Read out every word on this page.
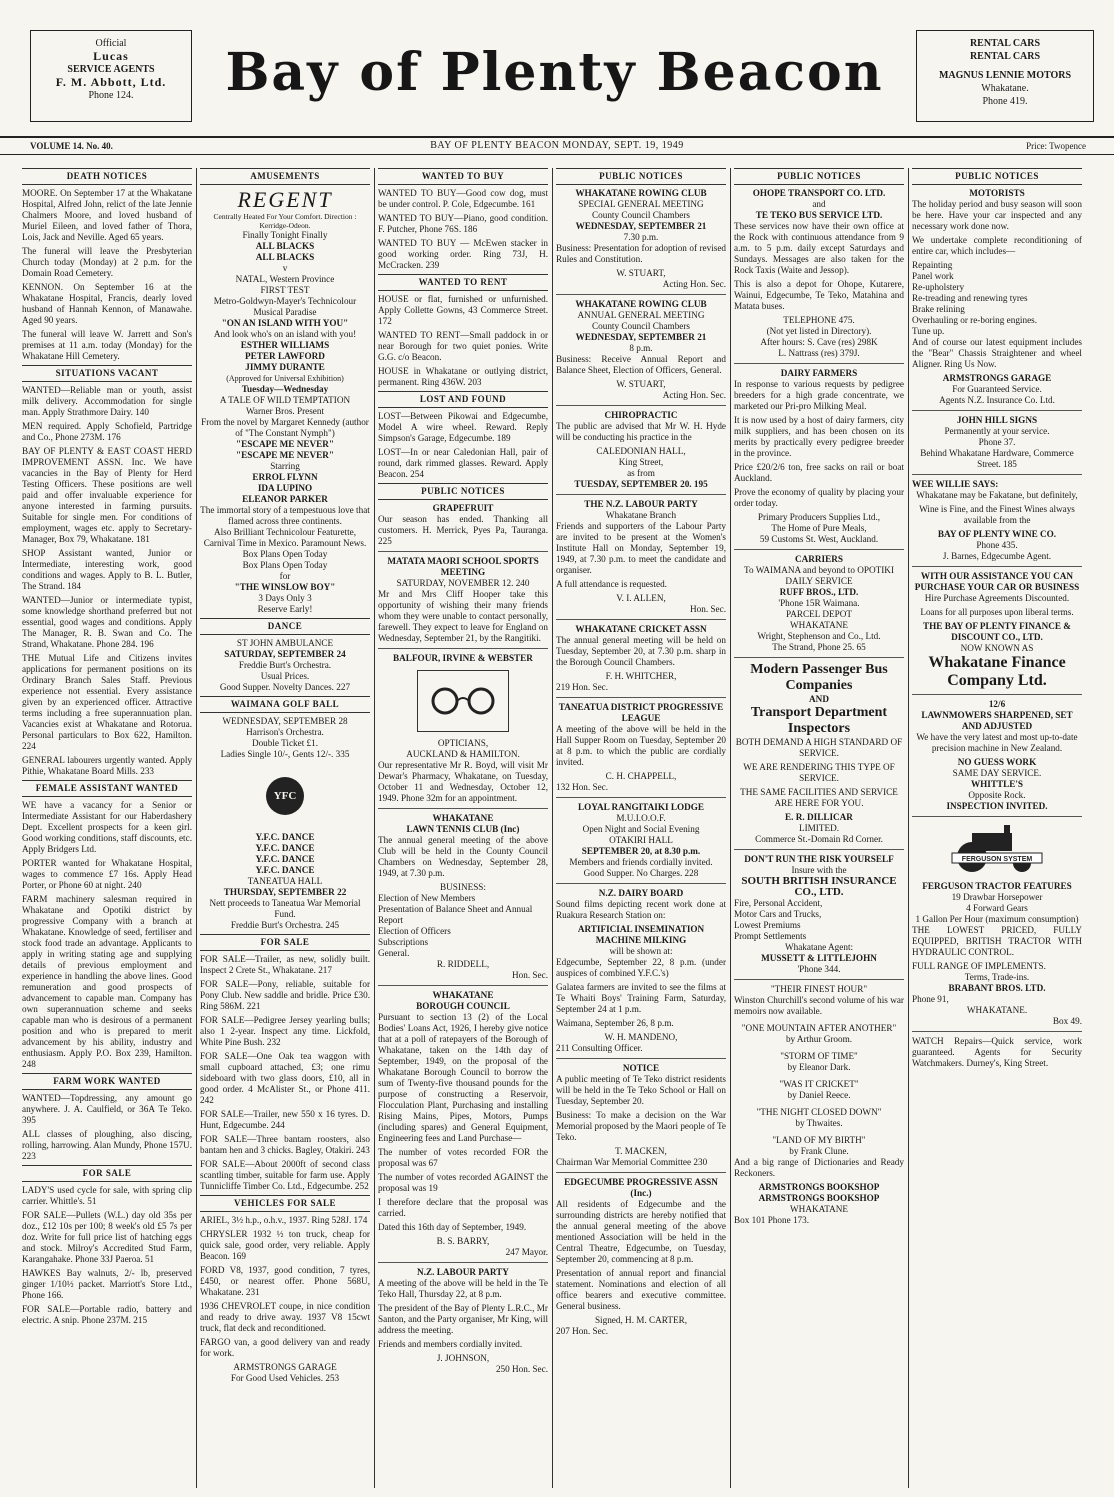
Official
Lucas
SERVICE AGENTS
F. M. Abbott, Ltd.
Phone 124.	Bay of Plenty Beacon	RENTAL CARS
RENTAL CARS
MAGNUS LENNIE MOTORS
Whakatane.
Phone 419.
VOLUME 14. No. 40.	BAY OF PLENTY BEACON MONDAY, SEPT. 19, 1949	Price: Twopence
DEATH NOTICES

MOORE. On September 17 at the Whakatane Hospital, Alfred John, relict of the late Jennie Chalmers Moore, and loved husband of Muriel Eileen, and loved father of Thora, Lois, Jack and Neville. Aged 65 years.

The funeral will leave the Presbyterian Church today (Monday) at 2 p.m. for the Domain Road Cemetery.

KENNON. On September 16 at the Whakatane Hospital, Francis, dearly loved husband of Hannah Kennon, of Manawahe. Aged 90 years.

The funeral will leave W. Jarrett and Son's premises at 11 a.m. today (Monday) for the Whakatane Hill Cemetery.

SITUATIONS VACANT

WANTED—Reliable man or youth, assist milk delivery. Accommodation for single man. Apply Strathmore Dairy. 140

MEN required. Apply Schofield, Partridge and Co., Phone 273M. 176

BAY OF PLENTY & EAST COAST HERD IMPROVEMENT ASSN. Inc. We have vacancies in the Bay of Plenty for Herd Testing Officers. These positions are well paid and offer invaluable experience for anyone interested in farming pursuits. Suitable for single men. For conditions of employment, wages etc. apply to Secretary-Manager, Box 79, Whakatane. 181

SHOP Assistant wanted, Junior or Intermediate, interesting work, good conditions and wages. Apply to B. L. Butler, The Strand. 184

WANTED—Junior or intermediate typist, some knowledge shorthand preferred but not essential, good wages and conditions. Apply The Manager, R. B. Swan and Co. The Strand, Whakatane. Phone 284. 196

THE Mutual Life and Citizens invites applications for permanent positions on its Ordinary Branch Sales Staff. Previous experience not essential. Every assistance given by an experienced officer. Attractive terms including a free superannuation plan. Vacancies exist at Whakatane and Rotorua. Personal particulars to Box 622, Hamilton. 224

GENERAL labourers urgently wanted. Apply Pithie, Whakatane Board Mills. 233

FEMALE ASSISTANT WANTED

WE have a vacancy for a Senior or Intermediate Assistant for our Haberdashery Dept. Excellent prospects for a keen girl. Good working conditions, staff discounts, etc. Apply Bridgers Ltd.

PORTER wanted for Whakatane Hospital, wages to commence £7 16s. Apply Head Porter, or Phone 60 at night. 240

FARM machinery salesman required in Whakatane and Opotiki district by progressive Company with a branch at Whakatane. Knowledge of seed, fertiliser and stock food trade an advantage. Applicants to apply in writing stating age and supplying details of previous employment and experience in handling the above lines. Good remuneration and good prospects of advancement to capable man. Company has own superannuation scheme and seeks capable man who is desirous of a permanent position and who is prepared to merit advancement by his ability, industry and enthusiasm. Apply P.O. Box 239, Hamilton. 248

FARM WORK WANTED

WANTED—Topdressing, any amount go anywhere. J. A. Caulfield, or 36A Te Teko. 395

ALL classes of ploughing, also discing, rolling, harrowing. Alan Mundy, Phone 157U. 223

FOR SALE

LADY'S used cycle for sale, with spring clip carrier. Whittle's. 51

FOR SALE—Pullets (W.L.) day old 35s per doz., £12 10s per 100; 8 week's old £5 7s per doz. Write for full price list of hatching eggs and stock. Milroy's Accredited Stud Farm, Karangahake. Phone 33J Paeroa. 51

HAWKES Bay walnuts, 2/- lb, preserved ginger 1/10½ packet. Marriott's Store Ltd., Phone 166.

FOR SALE—Portable radio, battery and electric. A snip. Phone 237M. 215

AMUSEMENTS
REGENT
Centrally Heated For Your Comfort. Direction : Kerridge-Odeon.
Finally Tonight Finally
ALL BLACKS
ALL BLACKS
v
NATAL, Western Province
FIRST TEST
Metro-Goldwyn-Mayer's Technicolour Musical Paradise
"ON AN ISLAND WITH YOU"
And look who's on an island with you!
ESTHER WILLIAMS
PETER LAWFORD
JIMMY DURANTE
(Approved for Universal Exhibition)
Tuesday—Wednesday
A TALE OF WILD TEMPTATION
Warner Bros. Present
From the novel by Margaret Kennedy (author of "The Constant Nymph")
"ESCAPE ME NEVER"
"ESCAPE ME NEVER"
Starring
ERROL FLYNN
IDA LUPINO
ELEANOR PARKER
The immortal story of a tempestuous love that flamed across three continents.
Also Brilliant Technicolour Featurette, Carnival Time in Mexico. Paramount News.
Box Plans Open Today
Box Plans Open Today
for
"THE WINSLOW BOY"
3 Days Only 3
Reserve Early!
DANCE
ST JOHN AMBULANCE
SATURDAY, SEPTEMBER 24
Freddie Burt's Orchestra.
Usual Prices.
Good Supper. Novelty Dances. 227
WAIMANA GOLF BALL
WEDNESDAY, SEPTEMBER 28
Harrison's Orchestra.
Double Ticket £1.
Ladies Single 10/-, Gents 12/-. 335
YFC
Y.F.C. DANCE
Y.F.C. DANCE
Y.F.C. DANCE
Y.F.C. DANCE
TANEATUA HALL
THURSDAY, SEPTEMBER 22
Nett proceeds to Taneatua War Memorial Fund.
Freddie Burt's Orchestra. 245
FOR SALE

FOR SALE—Trailer, as new, solidly built. Inspect 2 Crete St., Whakatane. 217

FOR SALE—Pony, reliable, suitable for Pony Club. New saddle and bridle. Price £30. Ring 586M. 221

FOR SALE—Pedigree Jersey yearling bulls; also 1 2-year. Inspect any time. Lickfold, White Pine Bush. 232

FOR SALE—One Oak tea waggon with small cupboard attached, £3; one rimu sideboard with two glass doors, £10, all in good order. 4 McAlister St., or Phone 411. 242

FOR SALE—Trailer, new 550 x 16 tyres. D. Hunt, Edgecumbe. 244

FOR SALE—Three bantam roosters, also bantam hen and 3 chicks. Bagley, Otakiri. 243

FOR SALE—About 2000ft of second class scantling timber, suitable for farm use. Apply Tunnicliffe Timber Co. Ltd., Edgecumbe. 252

VEHICLES FOR SALE

ARIEL, 3½ h.p., o.h.v., 1937. Ring 528J. 174

CHRYSLER 1932 ½ ton truck, cheap for quick sale, good order, very reliable. Apply Beacon. 169

FORD V8, 1937, good condition, 7 tyres, £450, or nearest offer. Phone 568U, Whakatane. 231

1936 CHEVROLET coupe, in nice condition and ready to drive away. 1937 V8 15cwt truck, flat deck and reconditioned.

FARGO van, a good delivery van and ready for work.

ARMSTRONGS GARAGE
For Good Used Vehicles. 253
WANTED TO BUY

WANTED TO BUY—Good cow dog, must be under control. P. Cole, Edgecumbe. 161

WANTED TO BUY—Piano, good condition. F. Putcher, Phone 76S. 186

WANTED TO BUY — McEwen stacker in good working order. Ring 73J, H. McCracken. 239

WANTED TO RENT

HOUSE or flat, furnished or unfurnished. Apply Collette Gowns, 43 Commerce Street. 172

WANTED TO RENT—Small paddock in or near Borough for two quiet ponies. Write G.G. c/o Beacon.

HOUSE in Whakatane or outlying district, permanent. Ring 436W. 203

LOST AND FOUND

LOST—Between Pikowai and Edgecumbe, Model A wire wheel. Reward. Reply Simpson's Garage, Edgecumbe. 189

LOST—In or near Caledonian Hall, pair of round, dark rimmed glasses. Reward. Apply Beacon. 254

PUBLIC NOTICES
GRAPEFRUIT

Our season has ended. Thanking all customers. H. Merrick, Pyes Pa, Tauranga. 225

MATATA MAORI SCHOOL SPORTS MEETING
SATURDAY, NOVEMBER 12. 240

Mr and Mrs Cliff Hooper take this opportunity of wishing their many friends whom they were unable to contact personally, farewell. They expect to leave for England on Wednesday, September 21, by the Rangitiki.

BALFOUR, IRVINE & WEBSTER
OPTICIANS,
AUCKLAND & HAMILTON.

Our representative Mr R. Boyd, will visit Mr Dewar's Pharmacy, Whakatane, on Tuesday, October 11 and Wednesday, October 12, 1949. Phone 32m for an appointment.

WHAKATANE
LAWN TENNIS CLUB (Inc)

The annual general meeting of the above Club will be held in the County Council Chambers on Wednesday, September 28, 1949, at 7.30 p.m.

BUSINESS:
Election of New Members
Presentation of Balance Sheet and Annual Report
Election of Officers
Subscriptions
General.
R. RIDDELL,
Hon. Sec.
WHAKATANE
BOROUGH COUNCIL

Pursuant to section 13 (2) of the Local Bodies' Loans Act, 1926, I hereby give notice that at a poll of ratepayers of the Borough of Whakatane, taken on the 14th day of September, 1949, on the proposal of the Whakatane Borough Council to borrow the sum of Twenty-five thousand pounds for the purpose of constructing a Reservoir, Flocculation Plant, Purchasing and installing Rising Mains, Pipes, Motors, Pumps (including spares) and General Equipment, Engineering fees and Land Purchase—

The number of votes recorded FOR the proposal was 67

The number of votes recorded AGAINST the proposal was 19

I therefore declare that the proposal was carried.

Dated this 16th day of September, 1949.

B. S. BARRY,
247 Mayor.
N.Z. LABOUR PARTY

A meeting of the above will be held in the Te Teko Hall, Thursday 22, at 8 p.m.

The president of the Bay of Plenty L.R.C., Mr Santon, and the Party organiser, Mr King, will address the meeting.

Friends and members cordially invited.

J. JOHNSON,
250 Hon. Sec.
PUBLIC NOTICES
WHAKATANE ROWING CLUB
SPECIAL GENERAL MEETING
County Council Chambers
WEDNESDAY, SEPTEMBER 21
7.30 p.m.

Business: Presentation for adoption of revised Rules and Constitution.

W. STUART,
Acting Hon. Sec.
WHAKATANE ROWING CLUB
ANNUAL GENERAL MEETING
County Council Chambers
WEDNESDAY, SEPTEMBER 21
8 p.m.

Business: Receive Annual Report and Balance Sheet, Election of Officers, General.

W. STUART,
Acting Hon. Sec.
CHIROPRACTIC

The public are advised that Mr W. H. Hyde will be conducting his practice in the

CALEDONIAN HALL,
King Street,
as from
TUESDAY, SEPTEMBER 20. 195
THE N.Z. LABOUR PARTY
Whakatane Branch

Friends and supporters of the Labour Party are invited to be present at the Women's Institute Hall on Monday, September 19, 1949, at 7.30 p.m. to meet the candidate and organiser.

A full attendance is requested.

V. I. ALLEN,
Hon. Sec.
WHAKATANE CRICKET ASSN

The annual general meeting will be held on Tuesday, September 20, at 7.30 p.m. sharp in the Borough Council Chambers.

F. H. WHITCHER,
219 Hon. Sec.
TANEATUA DISTRICT PROGRESSIVE LEAGUE

A meeting of the above will be held in the Hall Supper Room on Tuesday, September 20 at 8 p.m. to which the public are cordially invited.

C. H. CHAPPELL,
132 Hon. Sec.
LOYAL RANGITAIKI LODGE
M.U.I.O.O.F.
Open Night and Social Evening
OTAKIRI HALL
SEPTEMBER 20, at 8.30 p.m.
Members and friends cordially invited.
Good Supper. No Charges. 228
N.Z. DAIRY BOARD

Sound films depicting recent work done at Ruakura Research Station on:

ARTIFICIAL INSEMINATION
MACHINE MILKING
will be shown at:

Edgecumbe, September 22, 8 p.m. (under auspices of combined Y.F.C.'s)

Galatea farmers are invited to see the films at Te Whaiti Boys' Training Farm, Saturday, September 24 at 1 p.m.

Waimana, September 26, 8 p.m.

W. H. MANDENO,
211 Consulting Officer.
NOTICE

A public meeting of Te Teko district residents will be held in the Te Teko School or Hall on Tuesday, September 20.

Business: To make a decision on the War Memorial proposed by the Maori people of Te Teko.

T. MACKEN,
Chairman War Memorial Committee 230
EDGECUMBE PROGRESSIVE ASSN (Inc.)

All residents of Edgecumbe and the surrounding districts are hereby notified that the annual general meeting of the above mentioned Association will be held in the Central Theatre, Edgecumbe, on Tuesday, September 20, commencing at 8 p.m.

Presentation of annual report and financial statement. Nominations and election of all office bearers and executive committee. General business.

Signed, H. M. CARTER,
207 Hon. Sec.
PUBLIC NOTICES
OHOPE TRANSPORT CO. LTD.
and
TE TEKO BUS SERVICE LTD.

These services now have their own office at the Rock with continuous attendance from 9 a.m. to 5 p.m. daily except Saturdays and Sundays. Messages are also taken for the Rock Taxis (Waite and Jessop).

This is also a depot for Ohope, Kutarere, Wainui, Edgecumbe, Te Teko, Matahina and Matata buses.

TELEPHONE 475.
(Not yet listed in Directory).
After hours: S. Cave (res) 298K
L. Nattrass (res) 379J.
DAIRY FARMERS

In response to various requests by pedigree breeders for a high grade concentrate, we marketed our Pri-pro Milking Meal.

It is now used by a host of dairy farmers, city milk suppliers, and has been chosen on its merits by practically every pedigree breeder in the province.

Price £20/2/6 ton, free sacks on rail or boat Auckland.

Prove the economy of quality by placing your order today.

Primary Producers Supplies Ltd.,
The Home of Pure Meals,
59 Customs St. West, Auckland.
CARRIERS
To WAIMANA and beyond to OPOTIKI
DAILY SERVICE
RUFF BROS., LTD.
'Phone 15R Waimana.
PARCEL DEPOT
WHAKATANE
Wright, Stephenson and Co., Ltd.
The Strand, Phone 25. 65
Modern Passenger Bus Companies
AND
Transport Department Inspectors

BOTH DEMAND A HIGH STANDARD OF SERVICE.

WE ARE RENDERING THIS TYPE OF SERVICE.

THE SAME FACILITIES AND SERVICE ARE HERE FOR YOU.

E. R. DILLICAR
LIMITED.
Commerce St.-Domain Rd Corner.
DON'T RUN THE RISK YOURSELF
Insure with the
SOUTH BRITISH INSURANCE CO., LTD.
Fire, Personal Accident,
Motor Cars and Trucks,
Lowest Premiums
Prompt Settlements
Whakatane Agent:
MUSSETT & LITTLEJOHN
'Phone 344.
"THEIR FINEST HOUR"

Winston Churchill's second volume of his war memoirs now available.

"ONE MOUNTAIN AFTER ANOTHER"
by Arthur Groom.
"STORM OF TIME"
by Eleanor Dark.
"WAS IT CRICKET"
by Daniel Reece.
"THE NIGHT CLOSED DOWN"
by Thwaites.
"LAND OF MY BIRTH"
by Frank Clune.

And a big range of Dictionaries and Ready Reckoners.

ARMSTRONGS BOOKSHOP
ARMSTRONGS BOOKSHOP
WHAKATANE
Box 101 Phone 173.
PUBLIC NOTICES
MOTORISTS

The holiday period and busy season will soon be here. Have your car inspected and any necessary work done now.

We undertake complete reconditioning of entire car, which includes—

Repainting
Panel work
Re-upholstery
Re-treading and renewing tyres
Brake relining
Overhauling or re-boring engines.
Tune up.

And of course our latest equipment includes the "Bear" Chassis Straightener and wheel Aligner. Ring Us Now.

ARMSTRONGS GARAGE
For Guaranteed Service.
Agents N.Z. Insurance Co. Ltd.
JOHN HILL SIGNS
Permanently at your service.
Phone 37.
Behind Whakatane Hardware, Commerce Street. 185
WEE WILLIE SAYS:

Whakatane may be Fakatane, but definitely,

Wine is Fine, and the Finest Wines always available from the

BAY OF PLENTY WINE CO.
Phone 435.
J. Barnes, Edgecumbe Agent.
WITH OUR ASSISTANCE YOU CAN PURCHASE YOUR CAR OR BUSINESS

Hire Purchase Agreements Discounted.

Loans for all purposes upon liberal terms.

THE BAY OF PLENTY FINANCE & DISCOUNT CO., LTD.
NOW KNOWN AS
Whakatane Finance Company Ltd.
12/6
LAWNMOWERS SHARPENED, SET AND ADJUSTED

We have the very latest and most up-to-date precision machine in New Zealand.

NO GUESS WORK
SAME DAY SERVICE.
WHITTLE'S
Opposite Rock.
INSPECTION INVITED.
FERGUSON SYSTEM
FERGUSON TRACTOR FEATURES
19 Drawbar Horsepower
4 Forward Gears
1 Gallon Per Hour (maximum consumption)

THE LOWEST PRICED, FULLY EQUIPPED, BRITISH TRACTOR WITH HYDRAULIC CONTROL.

FULL RANGE OF IMPLEMENTS.
Terms, Trade-ins.
BRABANT BROS. LTD.
Phone 91,
WHAKATANE.
Box 49.

WATCH Repairs—Quick service, work guaranteed. Agents for Security Watchmakers. Durney's, King Street.
